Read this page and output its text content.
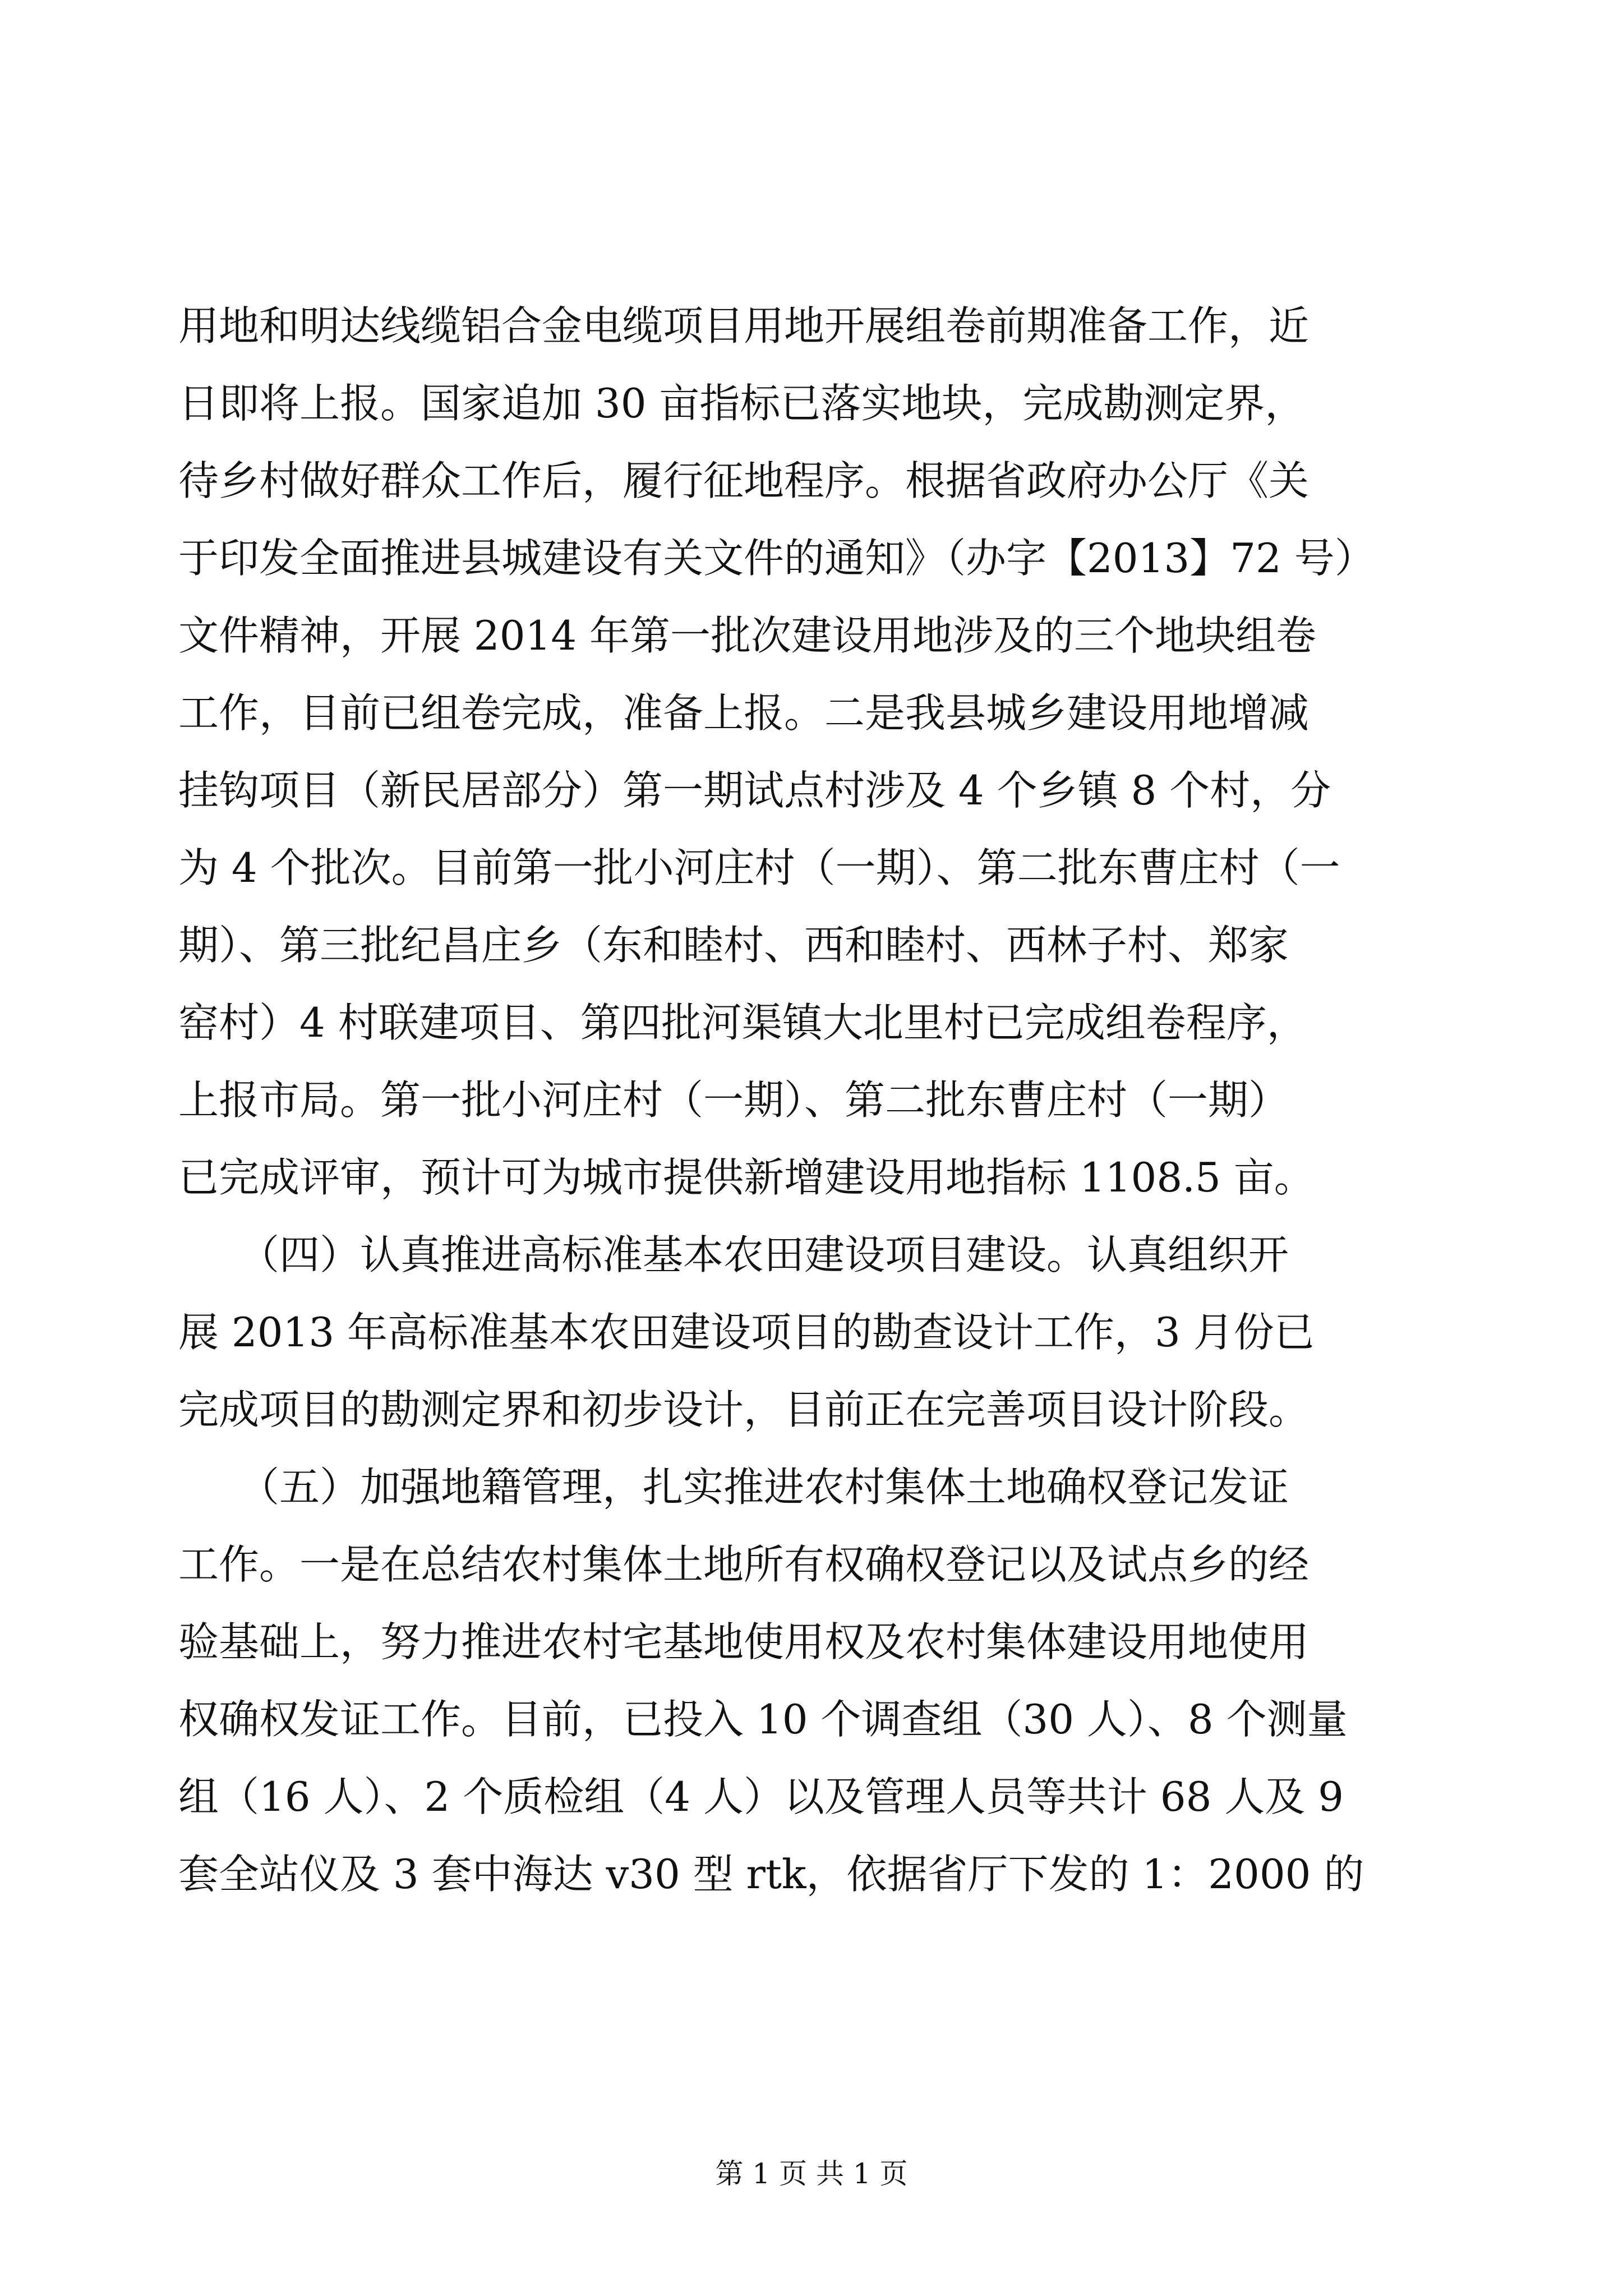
用地和明达线缆铝合金电缆项目用地开展组卷前期准备工作，近
日即将上报。国家追加 30 亩指标已落实地块，完成勘测定界，
待乡村做好群众工作后，履行征地程序。根据省政府办公厅《关
于印发全面推进县城建设有关文件的通知》（办字【2013】72 号）
文件精神，开展 2014 年第一批次建设用地涉及的三个地块组卷
工作，目前已组卷完成，准备上报。二是我县城乡建设用地增减
挂钩项目（新民居部分）第一期试点村涉及 4 个乡镇 8 个村，分
为 4 个批次。目前第一批小河庄村（一期）、第二批东曹庄村（一
期）、第三批纪昌庄乡（东和睦村、西和睦村、西林子村、郑家
窑村）4 村联建项目、第四批河渠镇大北里村已完成组卷程序，
上报市局。第一批小河庄村（一期）、第二批东曹庄村（一期）
已完成评审，预计可为城市提供新增建设用地指标 1108.5 亩。
　　（四）认真推进高标准基本农田建设项目建设。认真组织开
展 2013 年高标准基本农田建设项目的勘查设计工作，3 月份已
完成项目的勘测定界和初步设计，目前正在完善项目设计阶段。
　　（五）加强地籍管理，扎实推进农村集体土地确权登记发证
工作。一是在总结农村集体土地所有权确权登记以及试点乡的经
验基础上，努力推进农村宅基地使用权及农村集体建设用地使用
权确权发证工作。目前，已投入 10 个调查组（30 人）、8 个测量
组（16 人）、2 个质检组（4 人）以及管理人员等共计 68 人及 9
套全站仪及 3 套中海达 v30 型 rtk，依据省厅下发的 1：2000 的
第 1 页 共 1 页
